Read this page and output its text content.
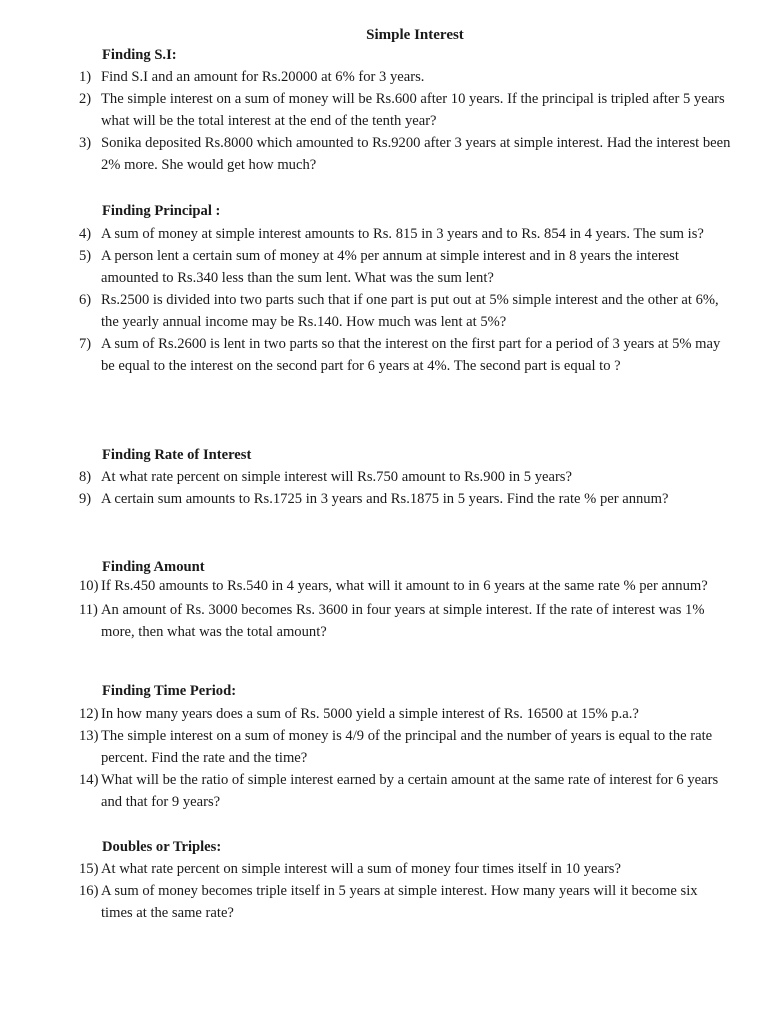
Simple Interest
Finding S.I:
1) Find S.I and an amount for Rs.20000 at 6% for 3 years.
2) The simple interest on a sum of money will be Rs.600 after 10 years. If the principal is tripled after 5 years what will be the total interest at the end of the tenth year?
3) Sonika deposited Rs.8000 which amounted to Rs.9200 after 3 years at simple interest. Had the interest been 2% more. She would get how much?
Finding Principal :
4) A sum of money at simple interest amounts to Rs. 815 in 3 years and to Rs. 854 in 4 years. The sum is?
5) A person lent a certain sum of money at 4% per annum at simple interest and in 8 years the interest amounted to Rs.340 less than the sum lent. What was the sum lent?
6) Rs.2500 is divided into two parts such that if one part is put out at 5% simple interest and the other at 6%, the yearly annual income may be Rs.140. How much was lent at 5%?
7) A sum of Rs.2600 is lent in two parts so that the interest on the first part for a period of 3 years at 5% may be equal to the interest on the second part for 6 years at 4%. The second part is equal to ?
Finding Rate of Interest
8) At what rate percent on simple interest will Rs.750 amount to Rs.900 in 5 years?
9) A certain sum amounts to Rs.1725 in 3 years and Rs.1875 in 5 years. Find the rate % per annum?
Finding Amount
10) If Rs.450 amounts to Rs.540 in 4 years, what will it amount to in 6 years at the same rate % per annum?
11) An amount of Rs. 3000 becomes Rs. 3600 in four years at simple interest. If the rate of interest was 1% more, then what was the total amount?
Finding Time Period:
12) In how many years does a sum of Rs. 5000 yield a simple interest of Rs. 16500 at 15% p.a.?
13) The simple interest on a sum of money is 4/9 of the principal and the number of years is equal to the rate percent. Find the rate and the time?
14) What will be the ratio of simple interest earned by a certain amount at the same rate of interest for 6 years and that for 9 years?
Doubles or Triples:
15) At what rate percent on simple interest will a sum of money four times itself in 10 years?
16) A sum of money becomes triple itself in 5 years at simple interest. How many years will it become six times at the same rate?
